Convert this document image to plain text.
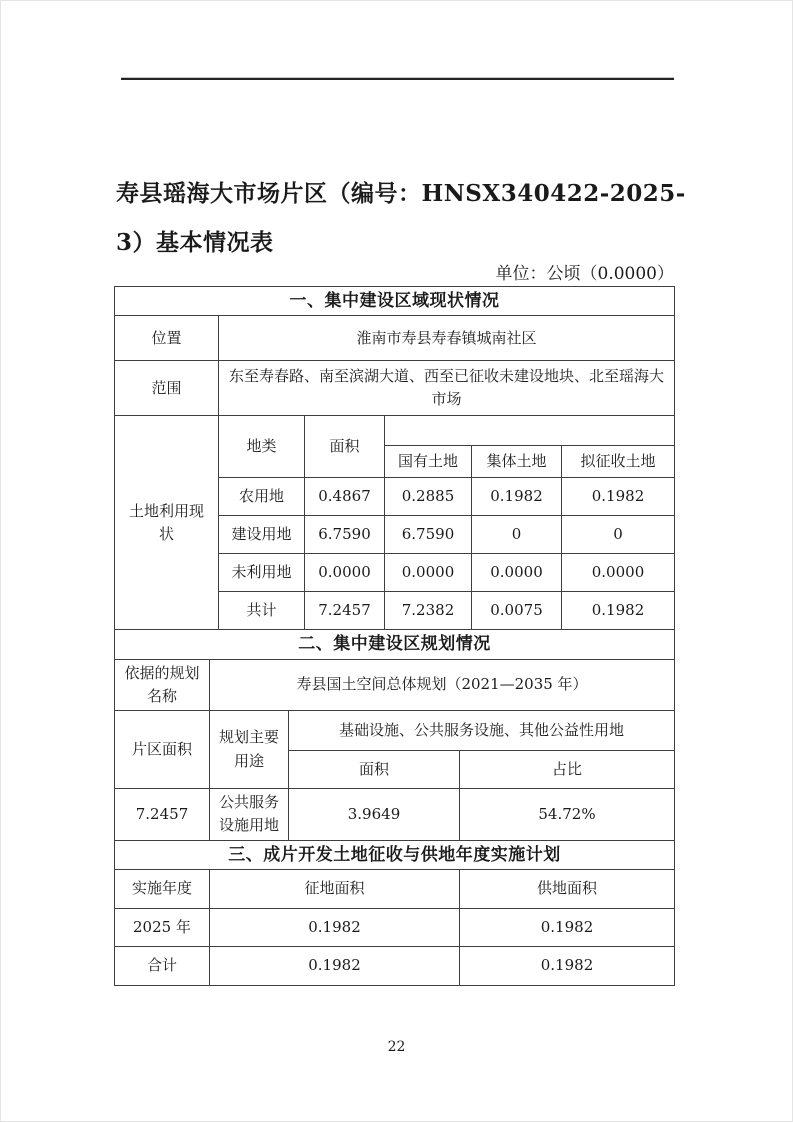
寿县瑶海大市场片区（编号：HNSX340422-2025-3）基本情况表
单位：公顷（0.0000）
一、集中建设区域现状情况					
位置	淮南市寿县寿春镇城南社区				
范围	东至寿春路、南至滨湖大道、西至已征收未建设地块、北至瑶海大市场				
土地利用现状	地类	面积			
			国有土地	集体土地	拟征收土地
	农用地	0.4867	0.2885	0.1982	0.1982
	建设用地	6.7590	6.7590	0	0
	未利用地	0.0000	0.0000	0.0000	0.0000
	共计	7.2457	7.2382	0.0075	0.1982
二、集中建设区规划情况			
依据的规划名称	寿县国土空间总体规划（2021—2035 年）		
片区面积	规划主要用途	基础设施、公共服务设施、其他公益性用地	
		面积	占比
7.2457	公共服务设施用地	3.9649	54.72%
三、成片开发土地征收与供地年度实施计划		
实施年度	征地面积	供地面积
2025 年	0.1982	0.1982
合计	0.1982	0.1982
22
